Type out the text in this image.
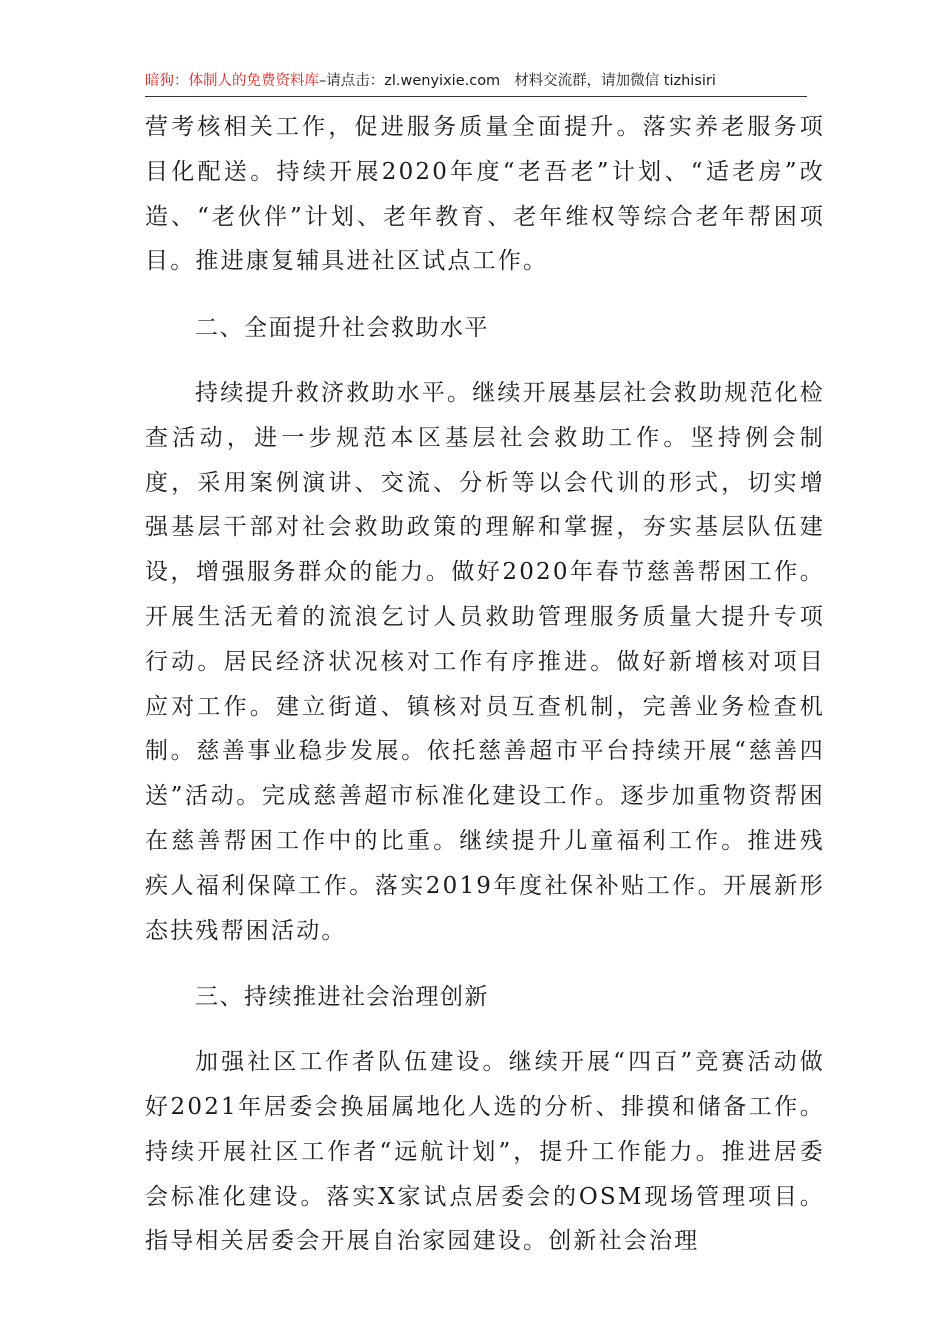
暗狗：体制人的免费资料库–请点击：zl.wenyixie.com 材料交流群，请加微信 tizhisiri

营考核相关工作，促进服务质量全面提升。落实养老服务项目化配送。持续开展2020年度“老吾老”计划、“适老房”改造、“老伙伴”计划、老年教育、老年维权等综合老年帮困项目。推进康复辅具进社区试点工作。

二、全面提升社会救助水平

持续提升救济救助水平。继续开展基层社会救助规范化检查活动，进一步规范本区基层社会救助工作。坚持例会制度，采用案例演讲、交流、分析等以会代训的形式，切实增强基层干部对社会救助政策的理解和掌握，夯实基层队伍建设，增强服务群众的能力。做好2020年春节慈善帮困工作。开展生活无着的流浪乞讨人员救助管理服务质量大提升专项行动。居民经济状况核对工作有序推进。做好新增核对项目应对工作。建立街道、镇核对员互查机制，完善业务检查机制。慈善事业稳步发展。依托慈善超市平台持续开展“慈善四送”活动。完成慈善超市标准化建设工作。逐步加重物资帮困在慈善帮困工作中的比重。继续提升儿童福利工作。推进残疾人福利保障工作。落实2019年度社保补贴工作。开展新形态扶残帮困活动。

三、持续推进社会治理创新

加强社区工作者队伍建设。继续开展“四百”竞赛活动做好2021年居委会换届属地化人选的分析、排摸和储备工作。持续开展社区工作者“远航计划”，提升工作能力。推进居委会标准化建设。落实X家试点居委会的OSM现场管理项目。指导相关居委会开展自治家园建设。创新社会治理
